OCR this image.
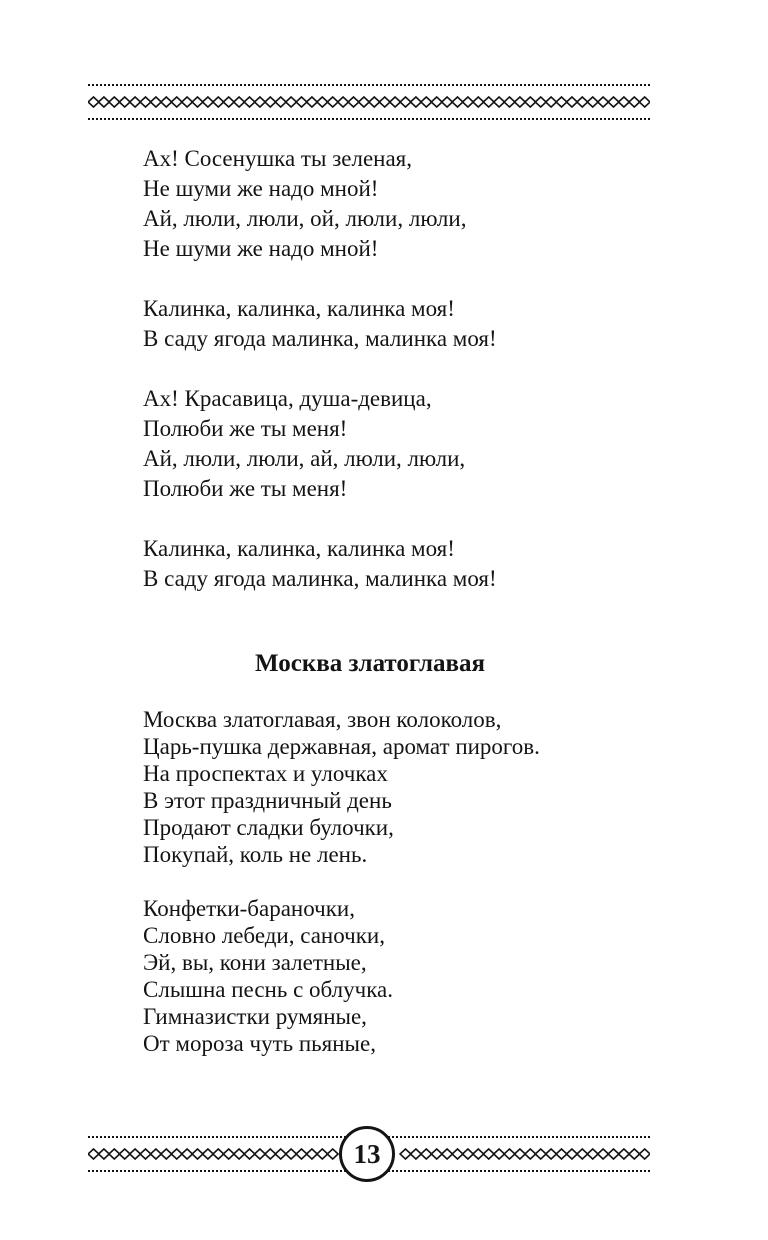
Ах! Сосенушка ты зеленая,
Не шуми же надо мной!
Ай, люли, люли, ой, люли, люли,
Не шуми же надо мной!
Калинка, калинка, калинка моя!
В саду ягода малинка, малинка моя!
Ах! Красавица, душа-девица,
Полюби же ты меня!
Ай, люли, люли, ай, люли, люли,
Полюби же ты меня!
Калинка, калинка, калинка моя!
В саду ягода малинка, малинка моя!
Москва златоглавая
Москва златоглавая, звон колоколов,
Царь-пушка державная, аромат пирогов.
На проспектах и улочках
В этот праздничный день
Продают сладки булочки,
Покупай, коль не лень.
Конфетки-бараночки,
Словно лебеди, саночки,
Эй, вы, кони залетные,
Слышна песнь с облучка.
Гимназистки румяные,
От мороза чуть пьяные,
13
